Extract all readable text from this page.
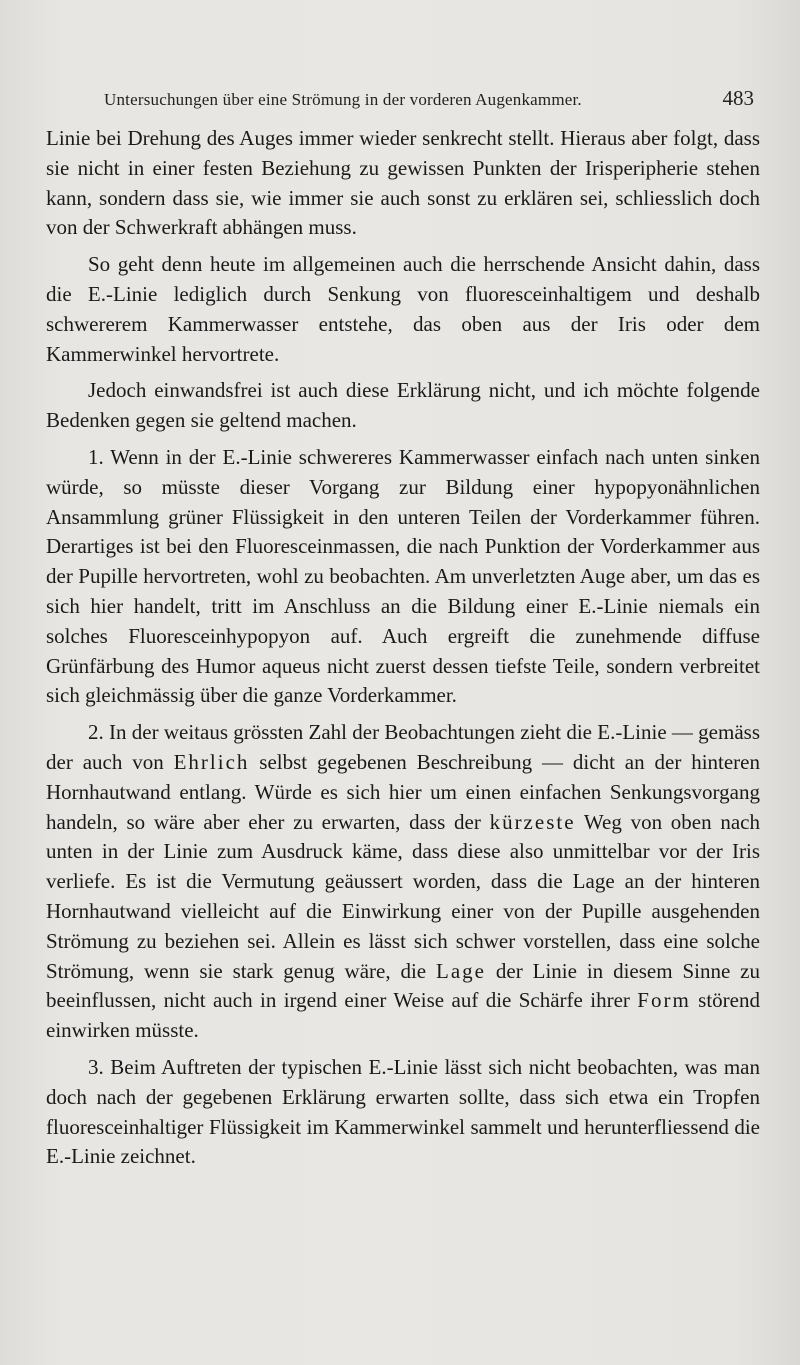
Untersuchungen über eine Strömung in der vorderen Augenkammer.	483

Linie bei Drehung des Auges immer wieder senkrecht stellt. Hieraus aber folgt, dass sie nicht in einer festen Beziehung zu gewissen Punkten der Irisperipherie stehen kann, sondern dass sie, wie immer sie auch sonst zu erklären sei, schliesslich doch von der Schwerkraft abhängen muss.

So geht denn heute im allgemeinen auch die herrschende Ansicht dahin, dass die E.-Linie lediglich durch Senkung von fluoresceinhaltigem und deshalb schwererem Kammerwasser entstehe, das oben aus der Iris oder dem Kammerwinkel hervortrete.

Jedoch einwandsfrei ist auch diese Erklärung nicht, und ich möchte folgende Bedenken gegen sie geltend machen.

1. Wenn in der E.-Linie schwereres Kammerwasser einfach nach unten sinken würde, so müsste dieser Vorgang zur Bildung einer hypopyonähnlichen Ansammlung grüner Flüssigkeit in den unteren Teilen der Vorderkammer führen. Derartiges ist bei den Fluoresceinmassen, die nach Punktion der Vorderkammer aus der Pupille hervortreten, wohl zu beobachten. Am unverletzten Auge aber, um das es sich hier handelt, tritt im Anschluss an die Bildung einer E.-Linie niemals ein solches Fluoresceinhypopyon auf. Auch ergreift die zunehmende diffuse Grünfärbung des Humor aqueus nicht zuerst dessen tiefste Teile, sondern verbreitet sich gleichmässig über die ganze Vorderkammer.

2. In der weitaus grössten Zahl der Beobachtungen zieht die E.-Linie — gemäss der auch von Ehrlich selbst gegebenen Beschreibung — dicht an der hinteren Hornhautwand entlang. Würde es sich hier um einen einfachen Senkungsvorgang handeln, so wäre aber eher zu erwarten, dass der kürzeste Weg von oben nach unten in der Linie zum Ausdruck käme, dass diese also unmittelbar vor der Iris verliefe. Es ist die Vermutung geäussert worden, dass die Lage an der hinteren Hornhautwand vielleicht auf die Einwirkung einer von der Pupille ausgehenden Strömung zu beziehen sei. Allein es lässt sich schwer vorstellen, dass eine solche Strömung, wenn sie stark genug wäre, die Lage der Linie in diesem Sinne zu beeinflussen, nicht auch in irgend einer Weise auf die Schärfe ihrer Form störend einwirken müsste.

3. Beim Auftreten der typischen E.-Linie lässt sich nicht beobachten, was man doch nach der gegebenen Erklärung erwarten sollte, dass sich etwa ein Tropfen fluoresceinhaltiger Flüssigkeit im Kammerwinkel sammelt und herunterfliessend die E.-Linie zeichnet.
